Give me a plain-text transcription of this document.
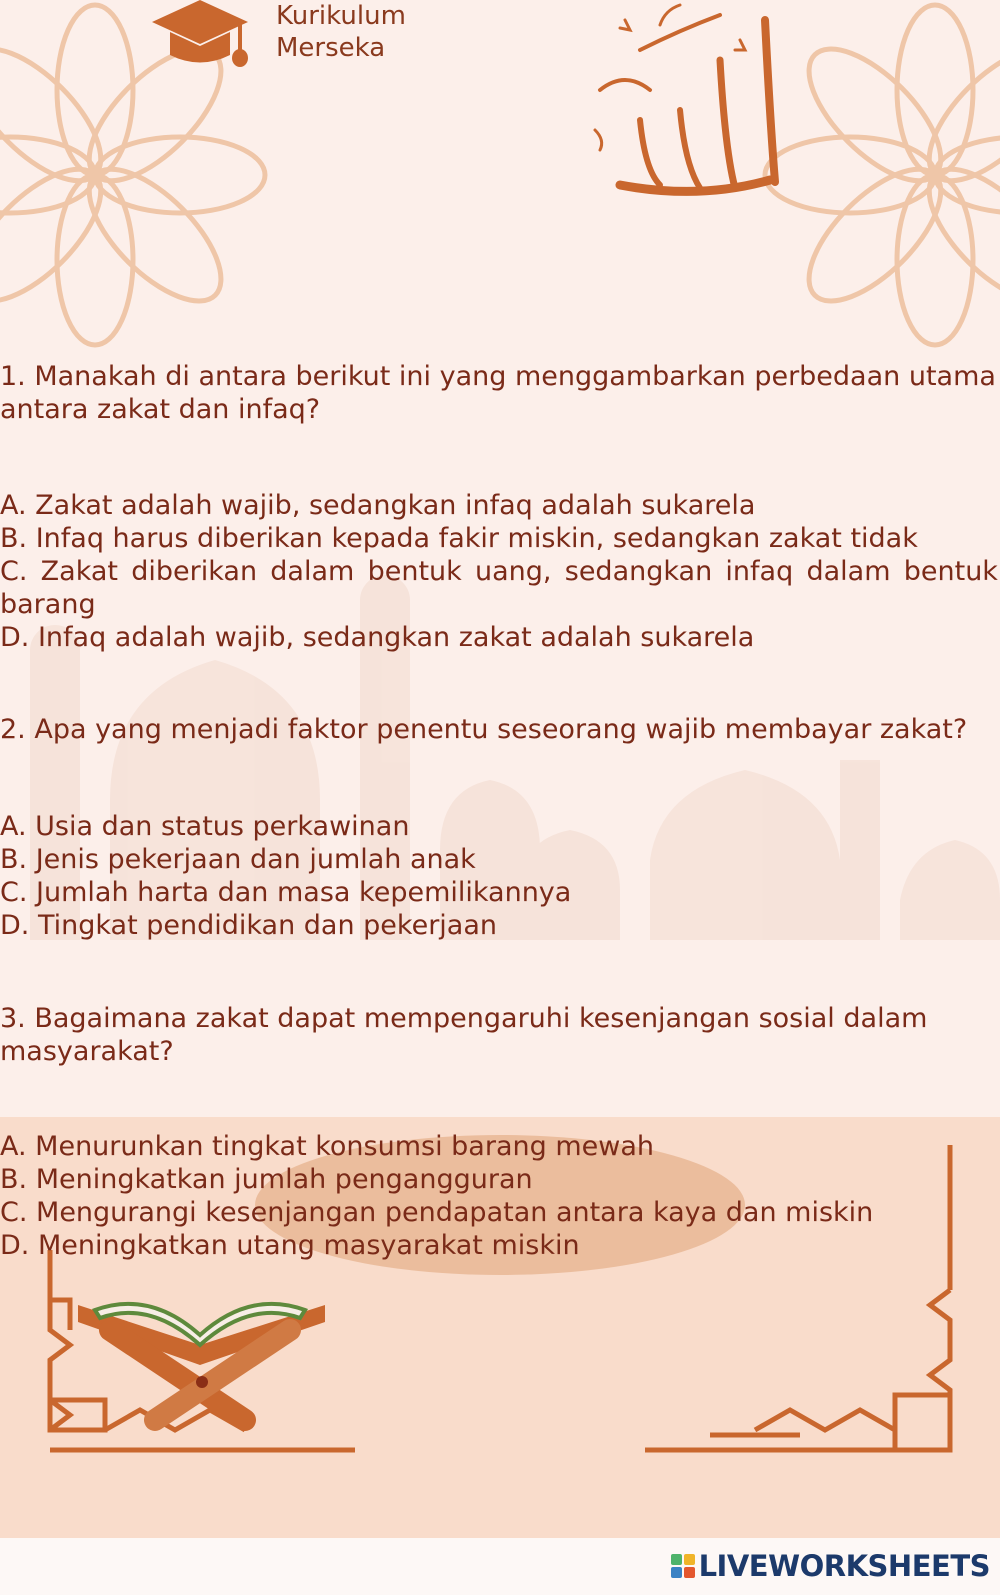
Kurikulum
Merseka
1. Manakah di antara berikut ini yang menggambarkan perbedaan utama
antara zakat dan infaq?
A. Zakat adalah wajib, sedangkan infaq adalah sukarela
B. Infaq harus diberikan kepada fakir miskin, sedangkan zakat tidak
C. Zakat diberikan dalam bentuk uang, sedangkan infaq dalam bentuk
barang
D. Infaq adalah wajib, sedangkan zakat adalah sukarela
2. Apa yang menjadi faktor penentu seseorang wajib membayar zakat?
A. Usia dan status perkawinan
B. Jenis pekerjaan dan jumlah anak
C. Jumlah harta dan masa kepemilikannya
D. Tingkat pendidikan dan pekerjaan
3. Bagaimana zakat dapat mempengaruhi kesenjangan sosial dalam
masyarakat?
A. Menurunkan tingkat konsumsi barang mewah
B. Meningkatkan jumlah pengangguran
C. Mengurangi kesenjangan pendapatan antara kaya dan miskin
D. Meningkatkan utang masyarakat miskin
LIVEWORKSHEETS
